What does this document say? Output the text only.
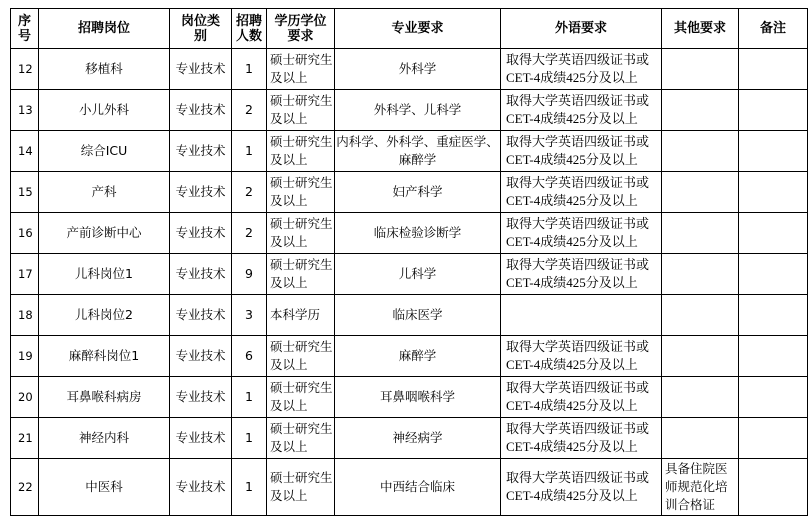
序号	招聘岗位	岗位类别	招聘人数	学历学位要求	专业要求	外语要求	其他要求	备注
12	移植科	专业技术	1	硕士研究生及以上	外科学	取得大学英语四级证书或CET-4成绩425分及以上		
13	小儿外科	专业技术	2	硕士研究生及以上	外科学、儿科学	取得大学英语四级证书或CET-4成绩425分及以上		
14	综合ICU	专业技术	1	硕士研究生及以上	内科学、外科学、重症医学、麻醉学	取得大学英语四级证书或CET-4成绩425分及以上		
15	产科	专业技术	2	硕士研究生及以上	妇产科学	取得大学英语四级证书或CET-4成绩425分及以上		
16	产前诊断中心	专业技术	2	硕士研究生及以上	临床检验诊断学	取得大学英语四级证书或CET-4成绩425分及以上		
17	儿科岗位1	专业技术	9	硕士研究生及以上	儿科学	取得大学英语四级证书或CET-4成绩425分及以上		
18	儿科岗位2	专业技术	3	本科学历	临床医学			
19	麻醉科岗位1	专业技术	6	硕士研究生及以上	麻醉学	取得大学英语四级证书或CET-4成绩425分及以上		
20	耳鼻喉科病房	专业技术	1	硕士研究生及以上	耳鼻咽喉科学	取得大学英语四级证书或CET-4成绩425分及以上		
21	神经内科	专业技术	1	硕士研究生及以上	神经病学	取得大学英语四级证书或CET-4成绩425分及以上		
22	中医科	专业技术	1	硕士研究生及以上	中西结合临床	取得大学英语四级证书或CET-4成绩425分及以上	具备住院医师规范化培训合格证	
